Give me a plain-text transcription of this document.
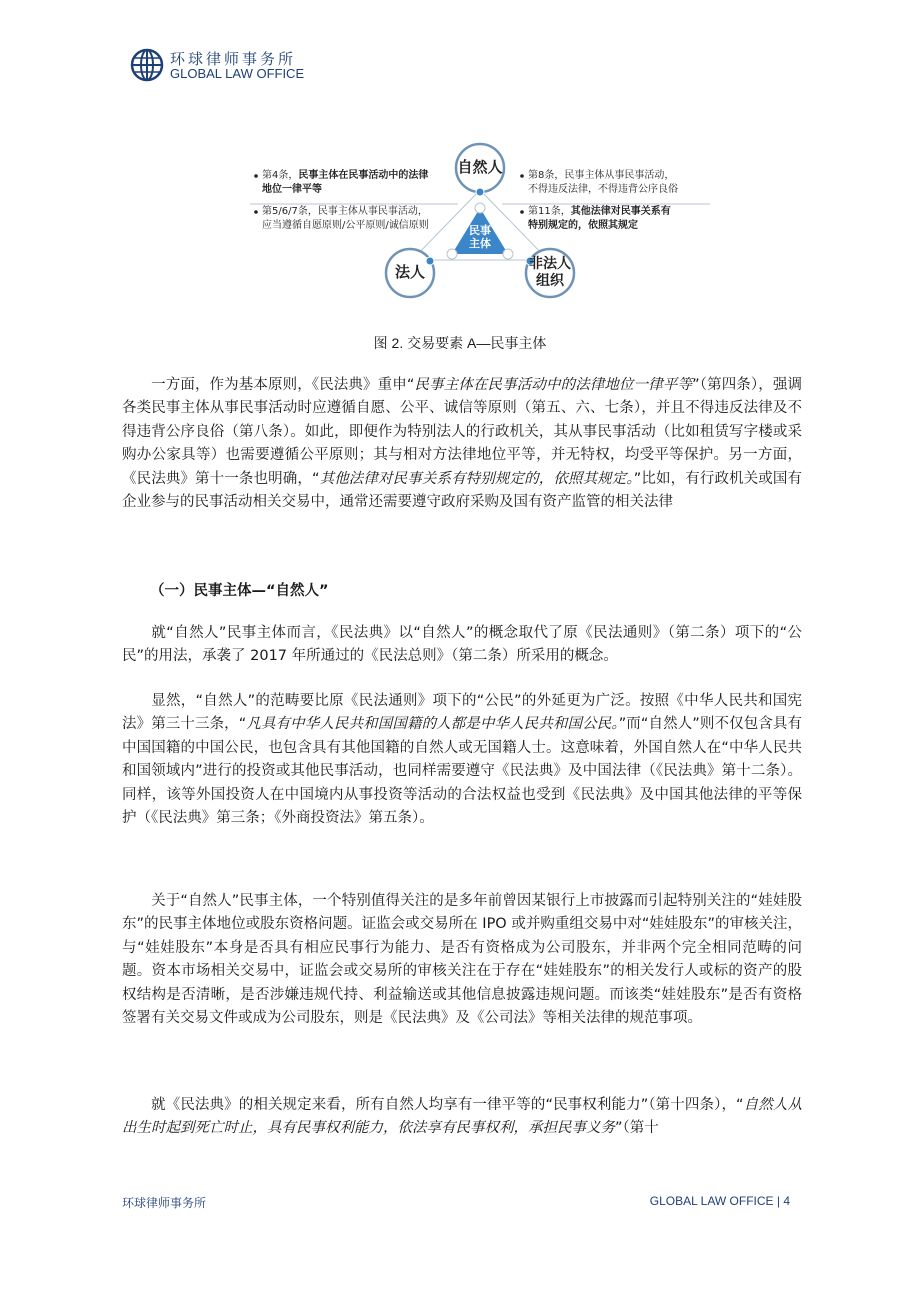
环球律师事务所
GLOBAL LAW OFFICE
自然人
法人	非法人
组织
民事
主体
第4条，民事主体在民事活动中的法律
地位一律平等
第5/6/7条，民事主体从事民事活动，
应当遵循自愿原则/公平原则/诚信原则
第8条，民事主体从事民事活动，
不得违反法律，不得违背公序良俗
第11条，其他法律对民事关系有
特别规定的，依照其规定
图 2. 交易要素 A—民事主体
一方面，作为基本原则，《民法典》重申“民事主体在民事活动中的法律地位一律平等”（第四条），强调各类民事主体从事民事活动时应遵循自愿、公平、诚信等原则（第五、六、七条），并且不得违反法律及不得违背公序良俗（第八条）。如此，即便作为特别法人的行政机关，其从事民事活动（比如租赁写字楼或采购办公家具等）也需要遵循公平原则；其与相对方法律地位平等，并无特权，均受平等保护。另一方面，《民法典》第十一条也明确，“其他法律对民事关系有特别规定的，依照其规定。”比如，有行政机关或国有企业参与的民事活动相关交易中，通常还需要遵守政府采购及国有资产监管的相关法律
（一）民事主体—“自然人”
就“自然人”民事主体而言，《民法典》以“自然人”的概念取代了原《民法通则》（第二条）项下的“公民”的用法，承袭了 2017 年所通过的《民法总则》（第二条）所采用的概念。
显然，“自然人”的范畴要比原《民法通则》项下的“公民”的外延更为广泛。按照《中华人民共和国宪法》第三十三条，“凡具有中华人民共和国国籍的人都是中华人民共和国公民。”而“自然人”则不仅包含具有中国国籍的中国公民，也包含具有其他国籍的自然人或无国籍人士。这意味着，外国自然人在“中华人民共和国领域内”进行的投资或其他民事活动，也同样需要遵守《民法典》及中国法律（《民法典》第十二条）。同样，该等外国投资人在中国境内从事投资等活动的合法权益也受到《民法典》及中国其他法律的平等保护（《民法典》第三条；《外商投资法》第五条）。
关于“自然人”民事主体，一个特别值得关注的是多年前曾因某银行上市披露而引起特别关注的“娃娃股东”的民事主体地位或股东资格问题。证监会或交易所在 IPO 或并购重组交易中对“娃娃股东”的审核关注，与“娃娃股东”本身是否具有相应民事行为能力、是否有资格成为公司股东，并非两个完全相同范畴的问题。资本市场相关交易中，证监会或交易所的审核关注在于存在“娃娃股东”的相关发行人或标的资产的股权结构是否清晰，是否涉嫌违规代持、利益输送或其他信息披露违规问题。而该类“娃娃股东”是否有资格签署有关交易文件或成为公司股东，则是《民法典》及《公司法》等相关法律的规范事项。
就《民法典》的相关规定来看，所有自然人均享有一律平等的“民事权利能力”（第十四条），“自然人从出生时起到死亡时止，具有民事权利能力，依法享有民事权利，承担民事义务”（第十
环球律师事务所	GLOBAL LAW OFFICE | 4
